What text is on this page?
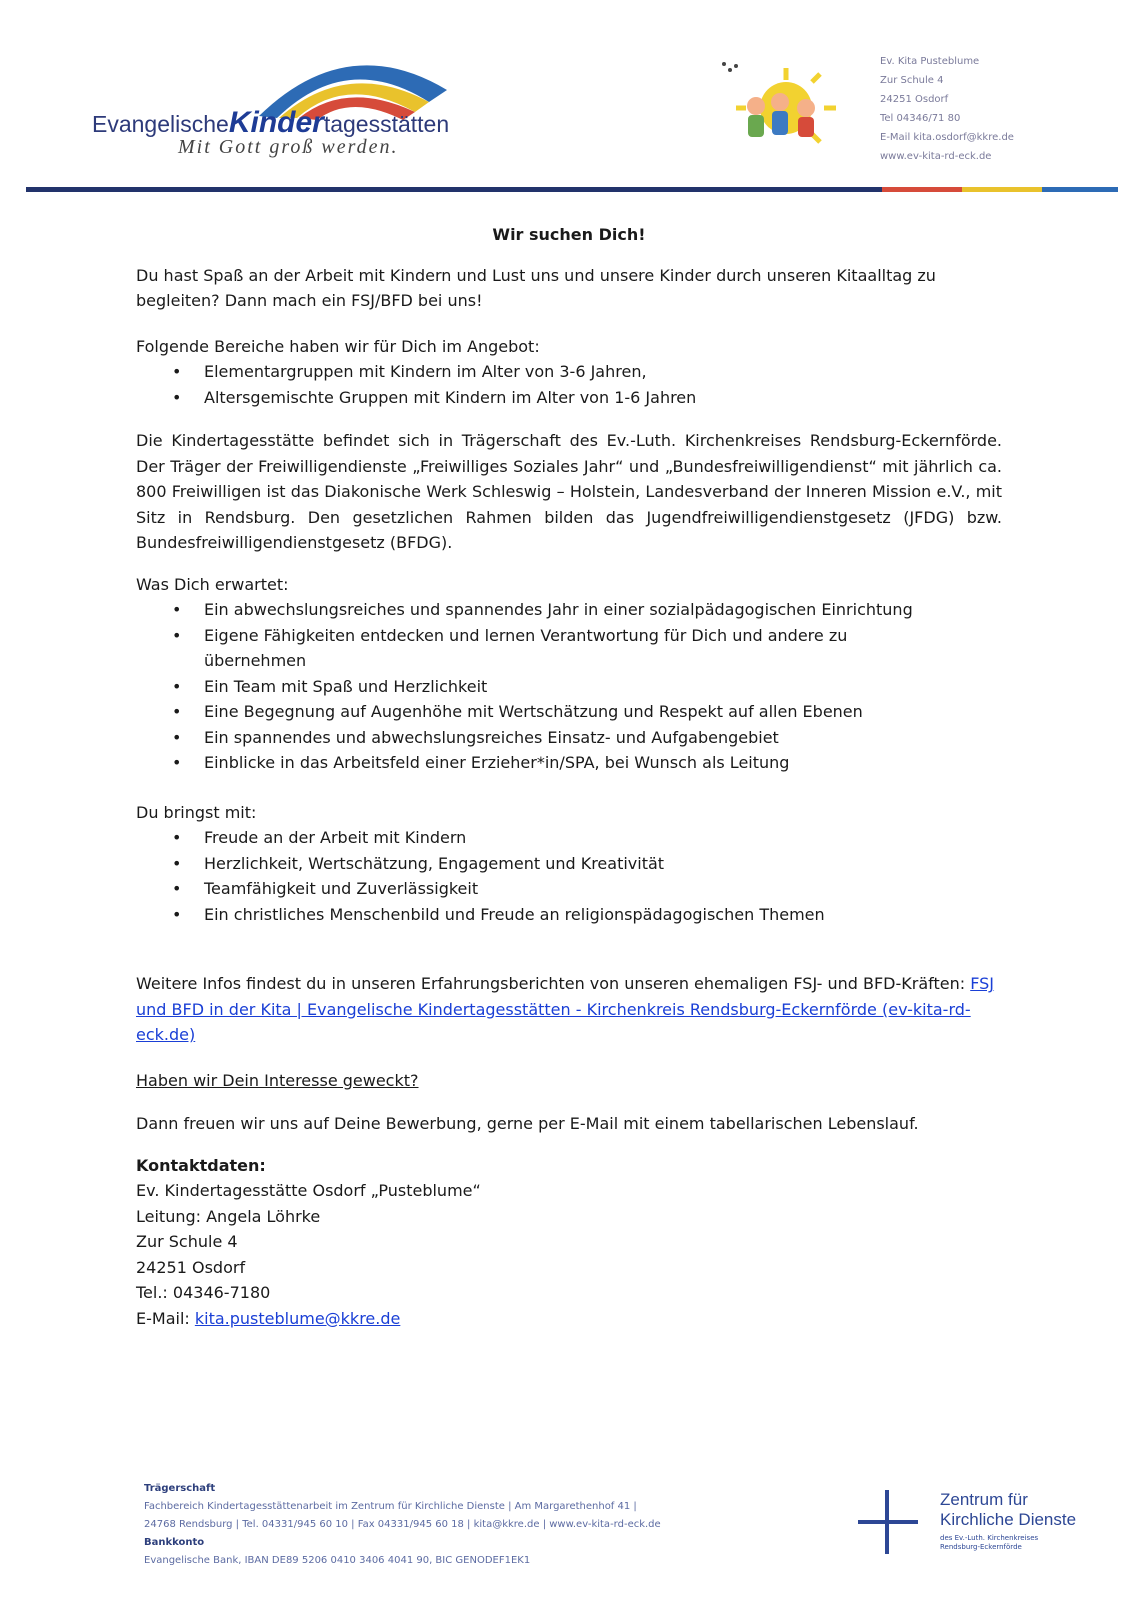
EvangelischeKindertagesstätten
Mit Gott groß werden.
Ev. Kita Pusteblume
Zur Schule 4
24251 Osdorf
Tel 04346/71 80
E-Mail kita.osdorf@kkre.de
www.ev-kita-rd-eck.de
Wir suchen Dich!

Du hast Spaß an der Arbeit mit Kindern und Lust uns und unsere Kinder durch unseren Kitaalltag zu begleiten? Dann mach ein FSJ/BFD bei uns!

Folgende Bereiche haben wir für Dich im Angebot:

• Elementargruppen mit Kindern im Alter von 3-6 Jahren,
• Altersgemischte Gruppen mit Kindern im Alter von 1-6 Jahren

Die Kindertagesstätte befindet sich in Trägerschaft des Ev.-Luth. Kirchenkreises Rendsburg-Eckernförde. Der Träger der Freiwilligendienste „Freiwilliges Soziales Jahr“ und „Bundesfreiwilligendienst“ mit jährlich ca. 800 Freiwilligen ist das Diakonische Werk Schleswig – Holstein, Landesverband der Inneren Mission e.V., mit Sitz in Rendsburg. Den gesetzlichen Rahmen bilden das Jugendfreiwilligendienstgesetz (JFDG) bzw. Bundesfreiwilligendienstgesetz (BFDG).

Was Dich erwartet:

• Ein abwechslungsreiches und spannendes Jahr in einer sozialpädagogischen Einrichtung
• Eigene Fähigkeiten entdecken und lernen Verantwortung für Dich und andere zu übernehmen
• Ein Team mit Spaß und Herzlichkeit
• Eine Begegnung auf Augenhöhe mit Wertschätzung und Respekt auf allen Ebenen
• Ein spannendes und abwechslungsreiches Einsatz- und Aufgabengebiet
• Einblicke in das Arbeitsfeld einer Erzieher*in/SPA, bei Wunsch als Leitung

Du bringst mit:

• Freude an der Arbeit mit Kindern
• Herzlichkeit, Wertschätzung, Engagement und Kreativität
• Teamfähigkeit und Zuverlässigkeit
• Ein christliches Menschenbild und Freude an religionspädagogischen Themen

Weitere Infos findest du in unseren Erfahrungsberichten von unseren ehemaligen FSJ- und BFD-Kräften: FSJ und BFD in der Kita | Evangelische Kindertagesstätten - Kirchenkreis Rendsburg-Eckernförde (ev-kita-rd-eck.de)

Haben wir Dein Interesse geweckt?

Dann freuen wir uns auf Deine Bewerbung, gerne per E-Mail mit einem tabellarischen Lebenslauf.

Kontaktdaten:
Ev. Kindertagesstätte Osdorf „Pusteblume“
Leitung: Angela Löhrke
Zur Schule 4
24251 Osdorf
Tel.: 04346-7180
E-Mail: kita.pusteblume@kkre.de
Trägerschaft
Fachbereich Kindertagesstättenarbeit im Zentrum für Kirchliche Dienste | Am Margarethenhof 41 |
24768 Rendsburg | Tel. 04331/945 60 10 | Fax 04331/945 60 18 | kita@kkre.de | www.ev-kita-rd-eck.de
Bankkonto
Evangelische Bank, IBAN DE89 5206 0410 3406 4041 90, BIC GENODEF1EK1
Zentrum für
Kirchliche Dienste
des Ev.-Luth. Kirchenkreises
Rendsburg-Eckernförde
